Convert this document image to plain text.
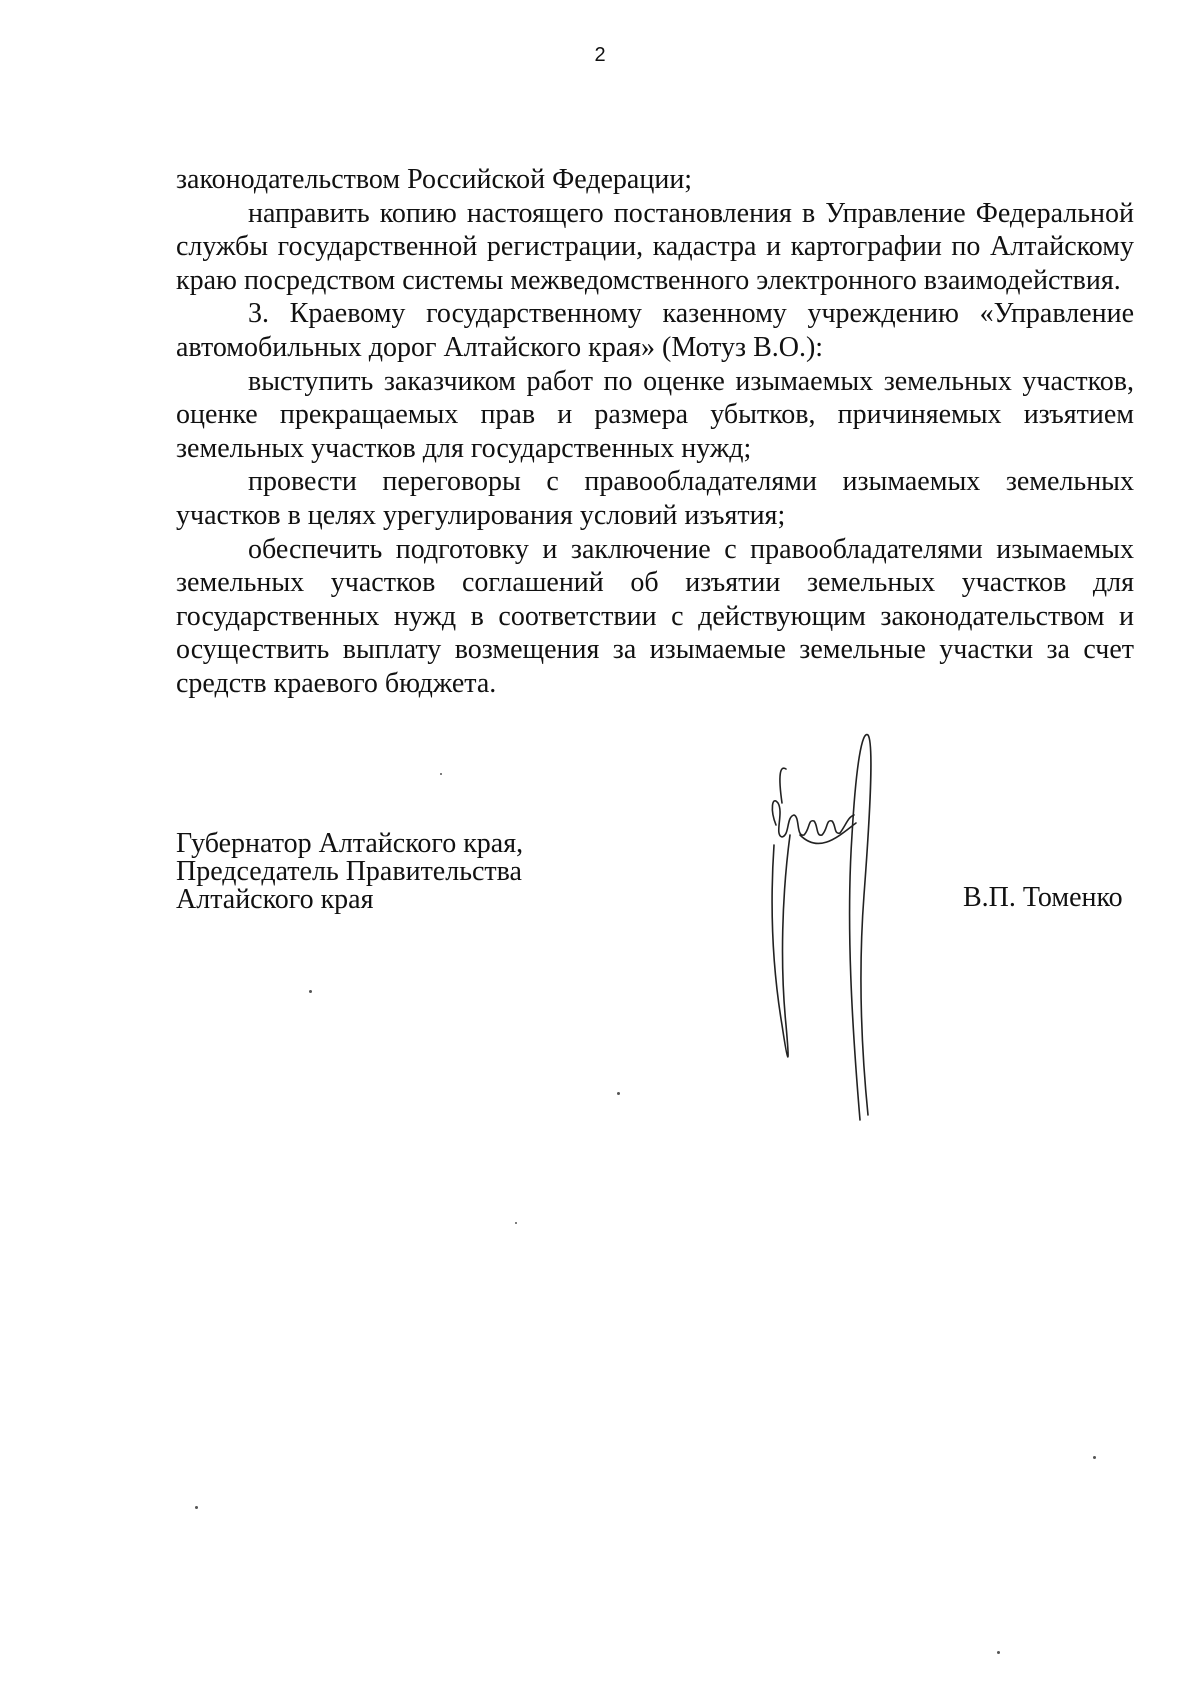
2

законодательством Российской Федерации;

направить копию настоящего постановления в Управление Федеральной службы государственной регистрации, кадастра и картографии по Алтайскому краю посредством системы межведомственного электронного взаимодействия.

3. Краевому государственному казенному учреждению «Управление автомобильных дорог Алтайского края» (Мотуз В.О.):

выступить заказчиком работ по оценке изымаемых земельных участков, оценке прекращаемых прав и размера убытков, причиняемых изъятием земельных участков для государственных нужд;

провести переговоры с правообладателями изымаемых земельных участков в целях урегулирования условий изъятия;

обеспечить подготовку и заключение с правообладателями изымаемых земельных участков соглашений об изъятии земельных участков для государственных нужд в соответствии с действующим законодательством и осуществить выплату возмещения за изымаемые земельные участки за счет средств краевого бюджета.

Губернатор Алтайского края,
Председатель Правительства
Алтайского края	В.П. Томенко
